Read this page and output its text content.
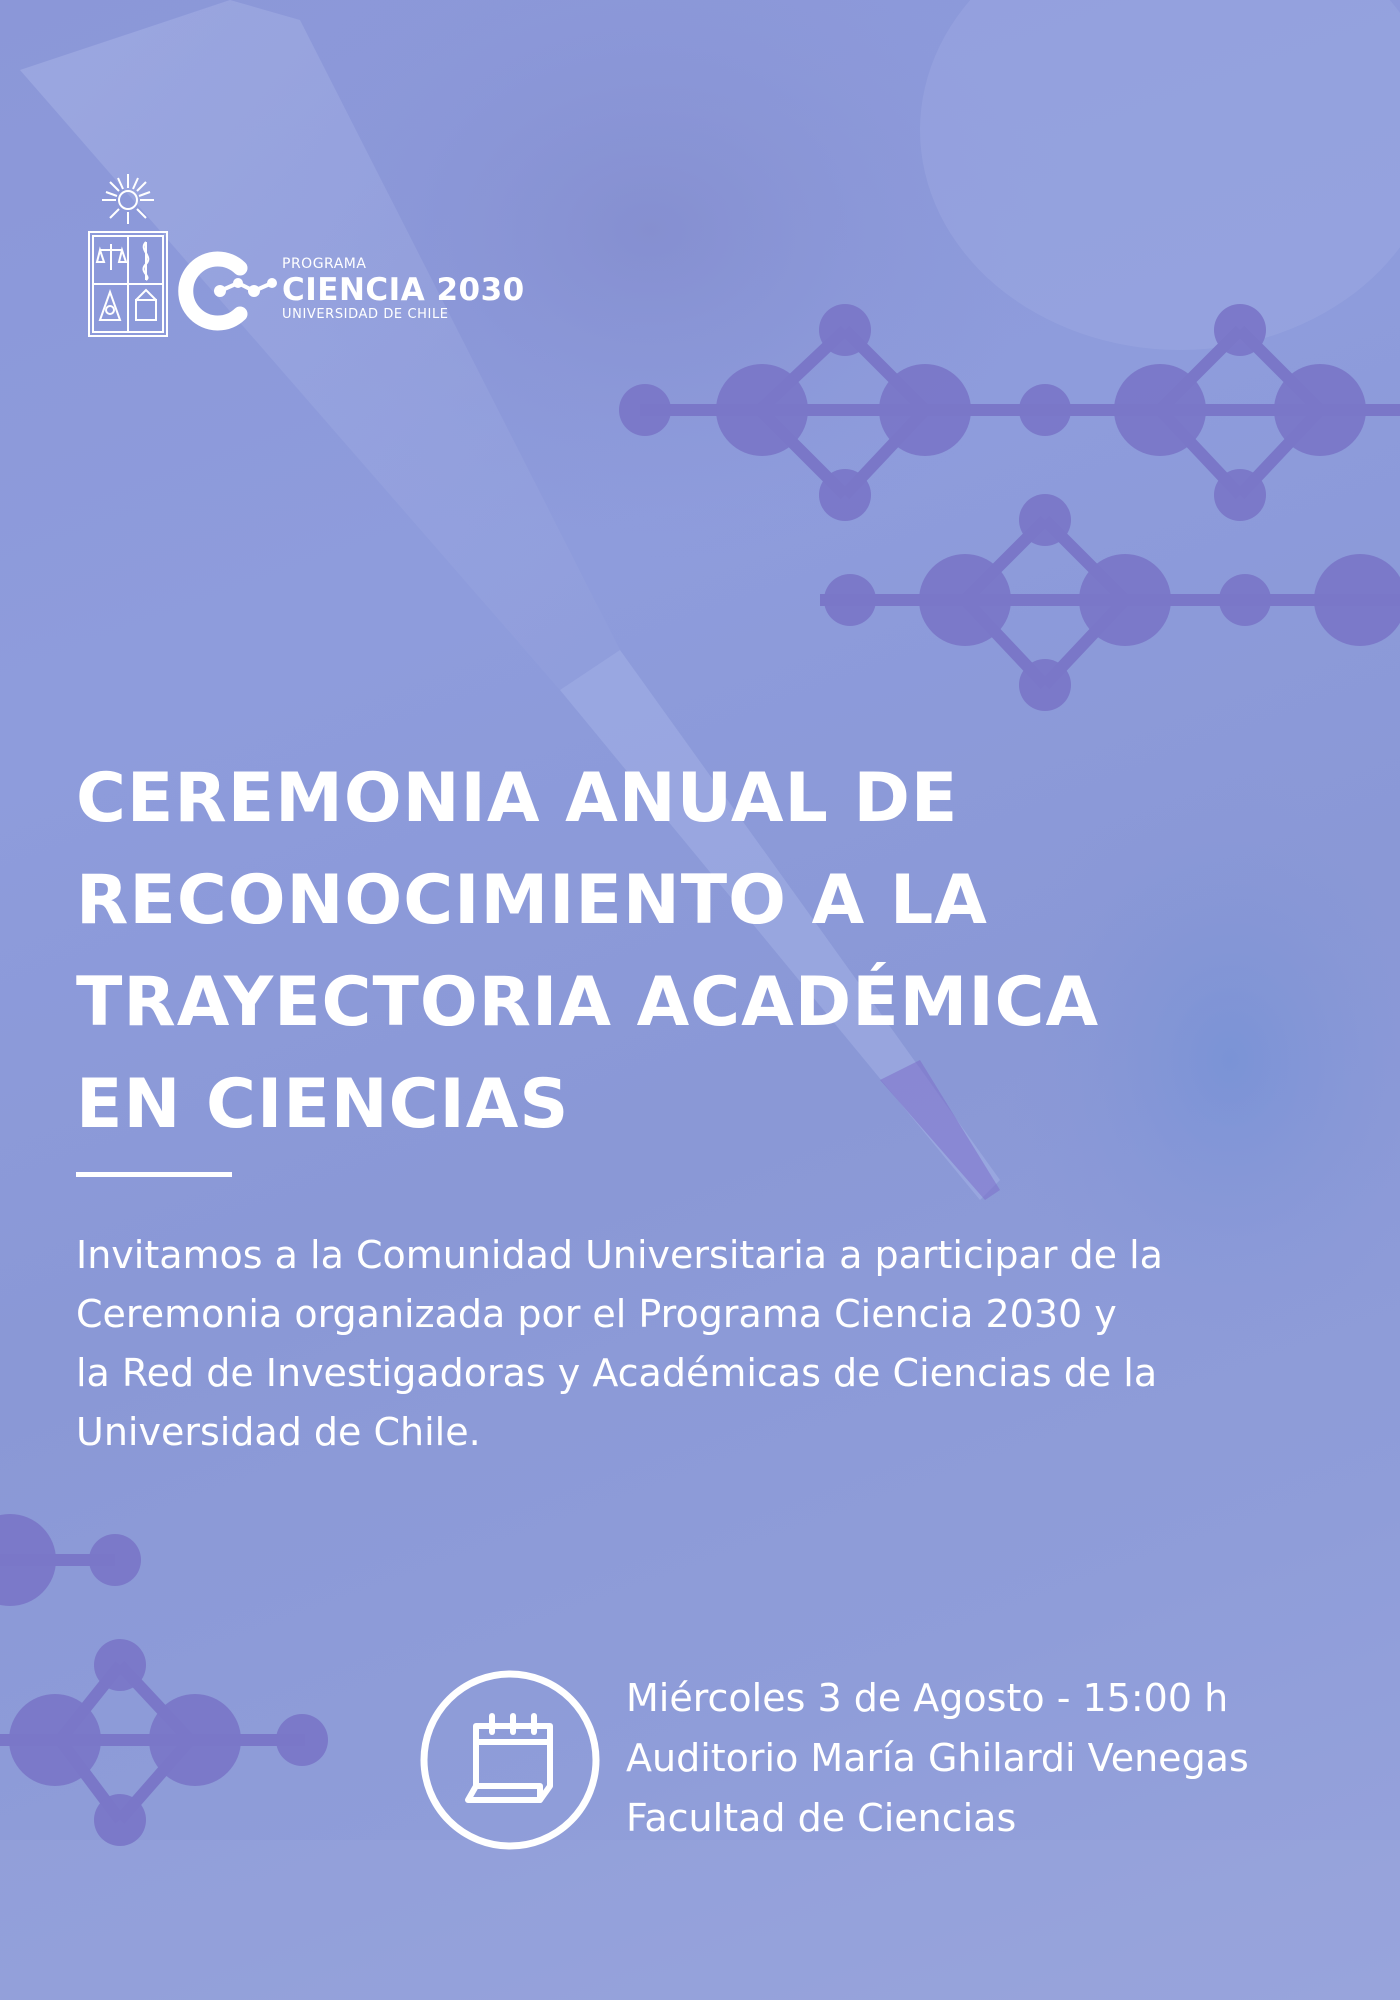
PROGRAMA
CIENCIA 2030
UNIVERSIDAD DE CHILE
CEREMONIA ANUAL DE
RECONOCIMIENTO A LA
TRAYECTORIA ACADÉMICA
EN CIENCIAS

Invitamos a la Comunidad Universitaria a participar de la
Ceremonia organizada por el Programa Ciencia 2030 y
la Red de Investigadoras y Académicas de Ciencias de la
Universidad de Chile.

Miércoles 3 de Agosto - 15:00 h
Auditorio María Ghilardi Venegas
Facultad de Ciencias
